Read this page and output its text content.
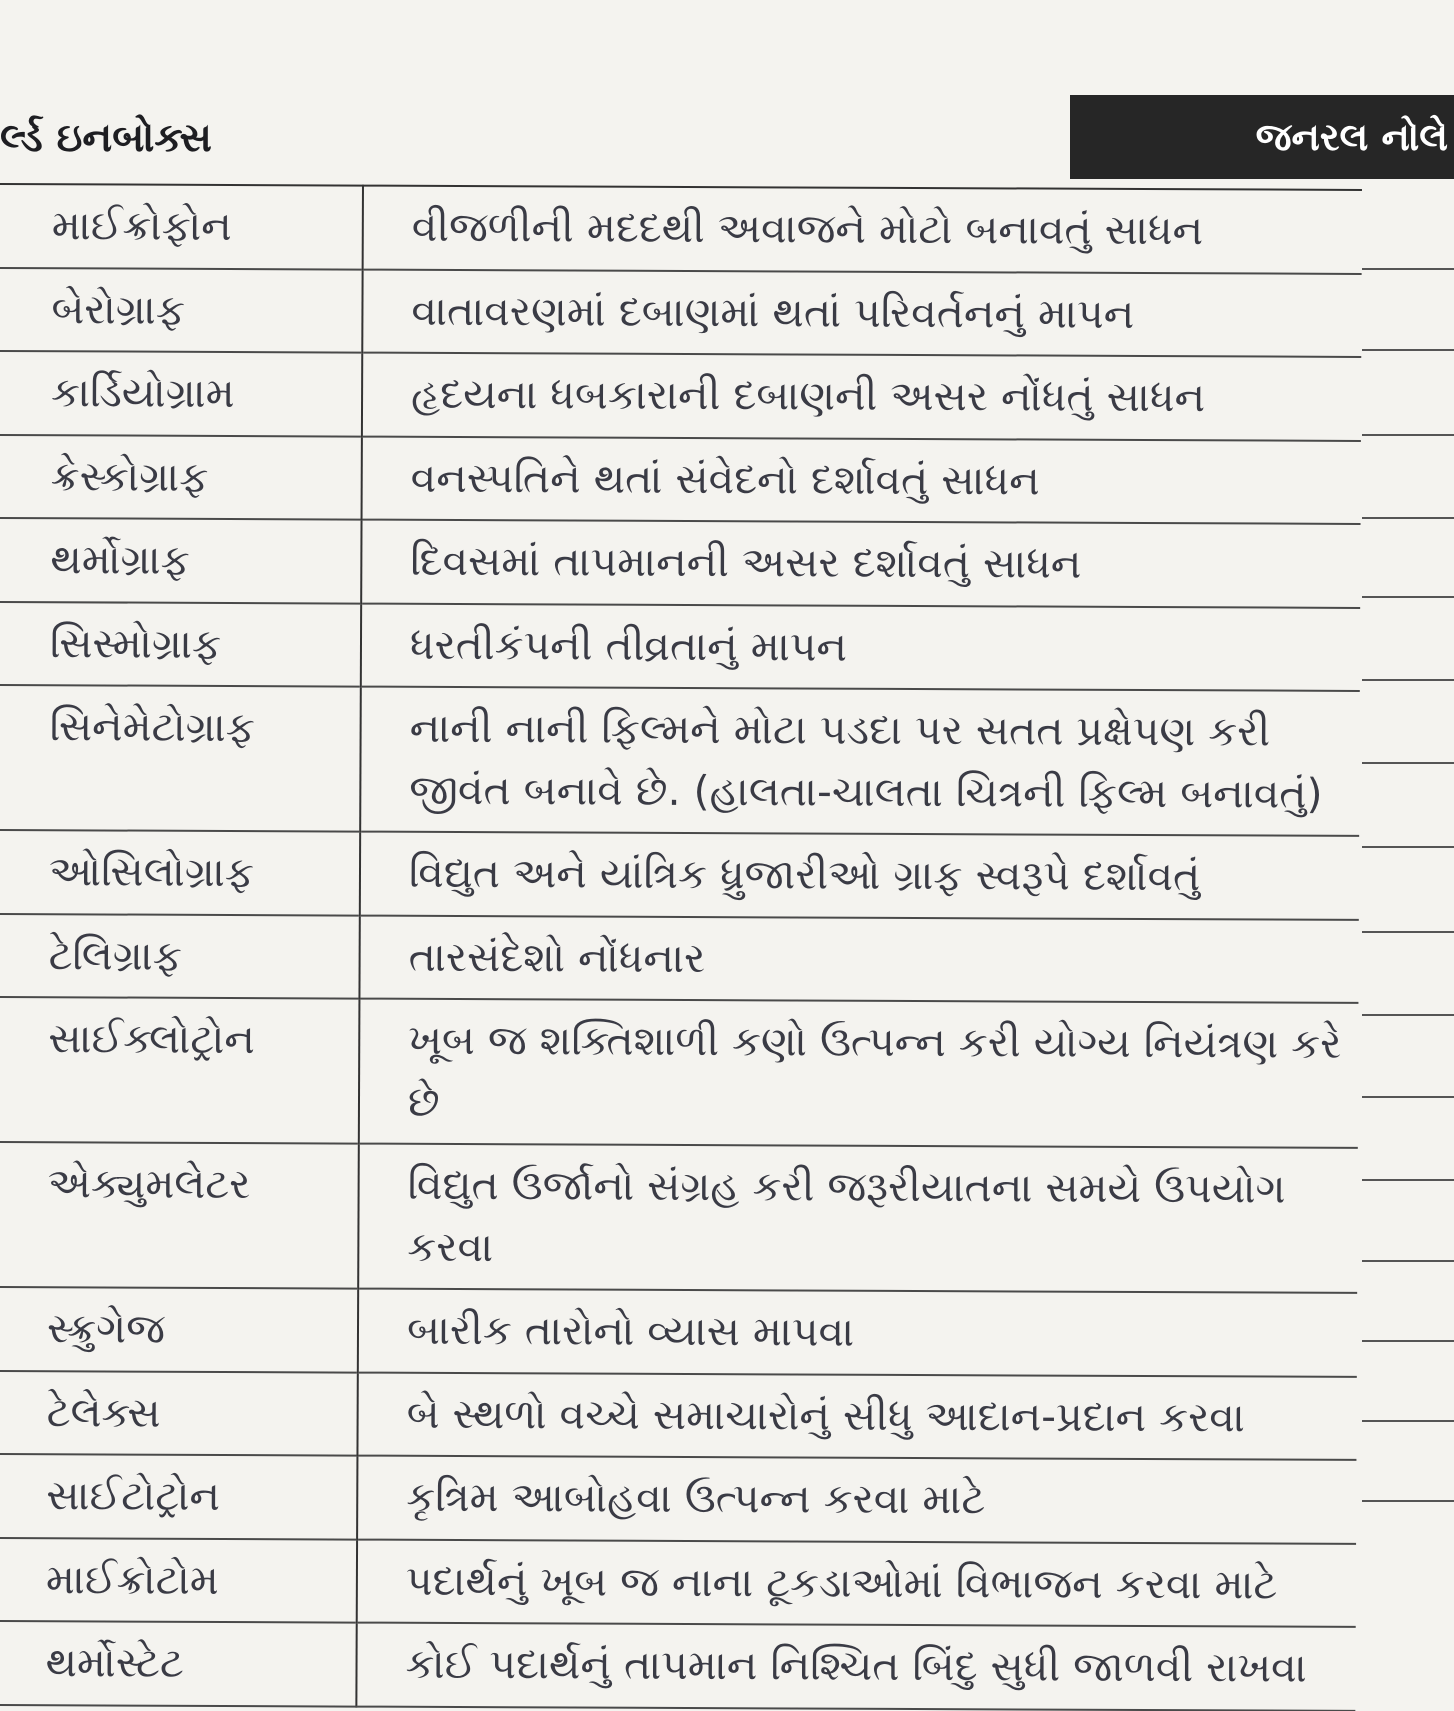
ર્લ્ડ ઇનબોક્સ	જનરલ નોલે
માઈક્રોફોન	વીજળીની મદદથી અવાજને મોટો બનાવતું સાધન
બેરોગ્રાફ	વાતાવરણમાં દબાણમાં થતાં પરિવર્તનનું માપન
કાર્ડિયોગ્રામ	હૃદયના ધબકારાની દબાણની અસર નોંધતું સાધન
ક્રેસ્કોગ્રાફ	વનસ્પતિને થતાં સંવેદનો દર્શાવતું સાધન
થર્મોગ્રાફ	દિવસમાં તાપમાનની અસર દર્શાવતું સાધન
સિસ્મોગ્રાફ	ધરતીકંપની તીવ્રતાનું માપન
સિનેમેટોગ્રાફ	નાની નાની ફિલ્મને મોટા પડદા પર સતત પ્રક્ષેપણ કરી જીવંત બનાવે છે. (હાલતા-ચાલતા ચિત્રની ફિલ્મ બનાવતું)
ઓસિલોગ્રાફ	વિદ્યુત અને યાંત્રિક ધ્રુજારીઓ ગ્રાફ સ્વરૂપે દર્શાવતું
ટેલિગ્રાફ	તારસંદેશો નોંધનાર
સાઈક્લોટ્રોન	ખૂબ જ શક્તિશાળી કણો ઉત્પન્ન કરી યોગ્ય નિયંત્રણ કરે છે
એક્યુમલેટર	વિદ્યુત ઉર્જાનો સંગ્રહ કરી જરૂરીયાતના સમયે ઉપયોગ કરવા
સ્ક્રુગેજ	બારીક તારોનો વ્યાસ માપવા
ટેલેક્સ	બે સ્થળો વચ્ચે સમાચારોનું સીધુ આદાન-પ્રદાન કરવા
સાઈટોટ્રોન	કૃત્રિમ આબોહવા ઉત્પન્ન કરવા માટે
માઈક્રોટોમ	પદાર્થનું ખૂબ જ નાના ટૂકડાઓમાં વિભાજન કરવા માટે
થર્મોસ્ટેટ	કોઈ પદાર્થનું તાપમાન નિશ્ચિત બિંદુ સુધી જાળવી રાખવા
